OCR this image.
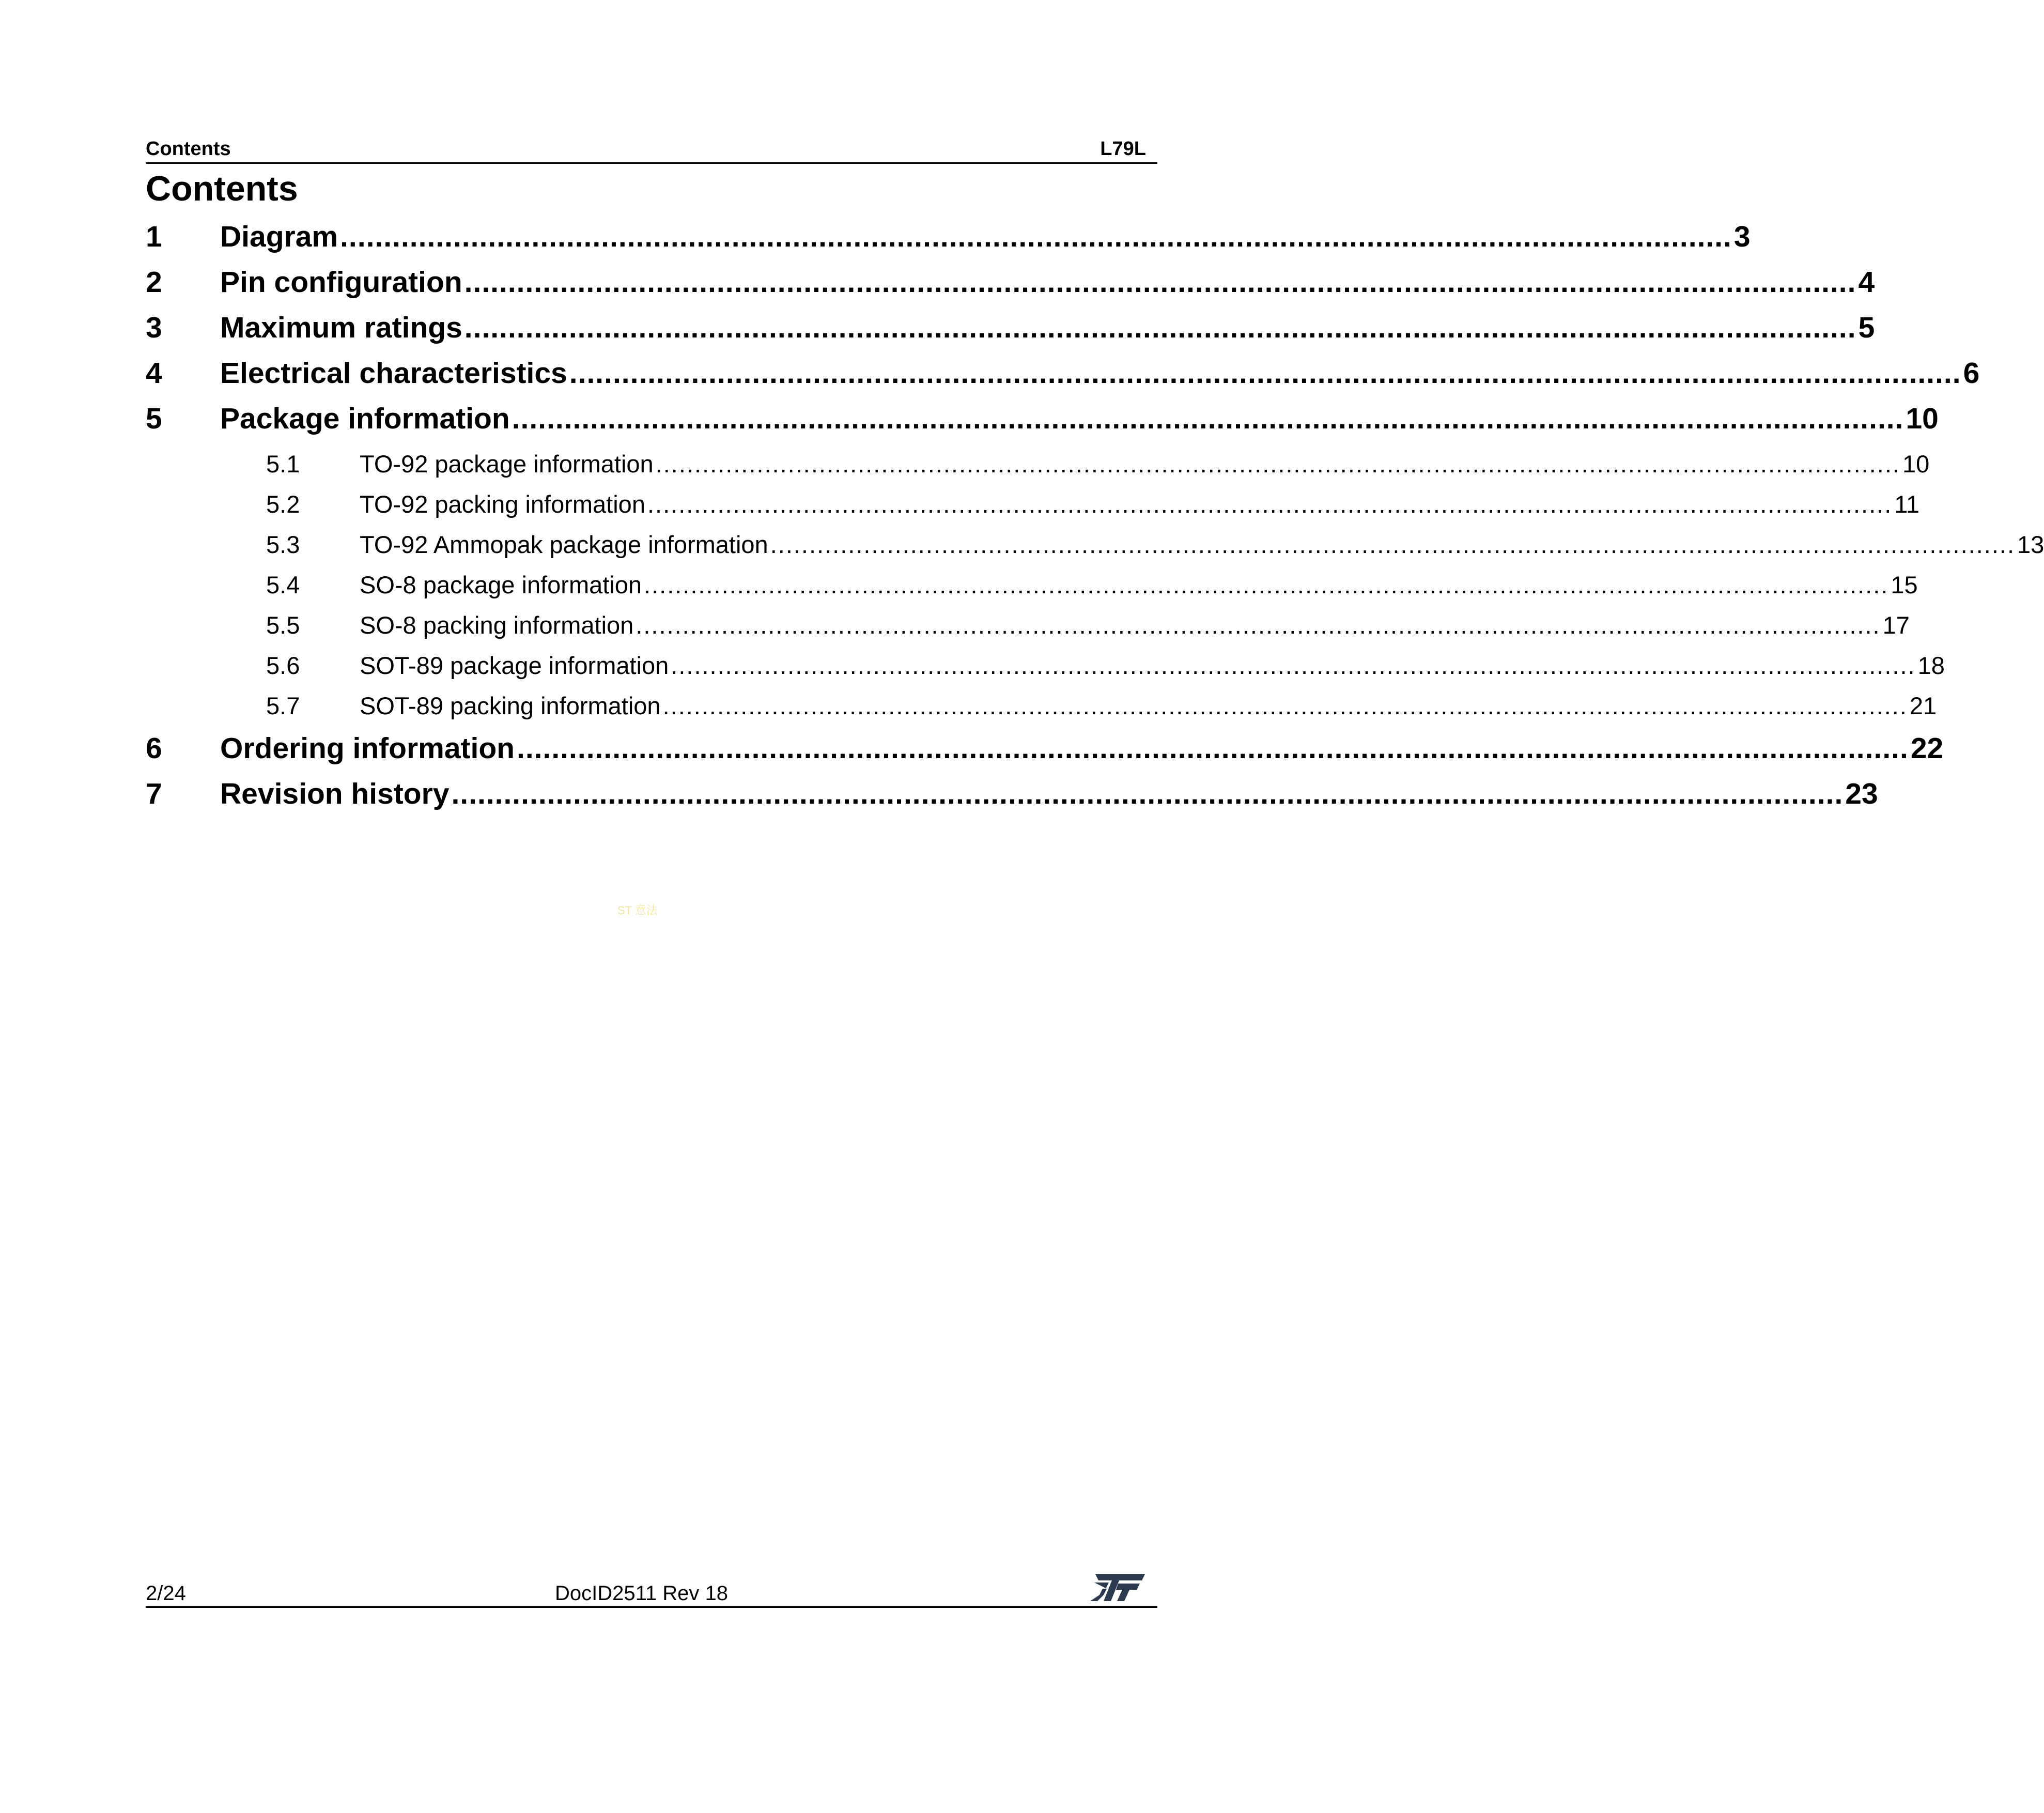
Contents	L79L
Contents
1	Diagram ................................................................................................................................................................ 3
2	Pin configuration ................................................................................................................................................................ 4
3	Maximum ratings ................................................................................................................................................................ 5
4	Electrical characteristics ................................................................................................................................................................ 6
5	Package information ................................................................................................................................................................ 10
5.1	TO-92 package information ................................................................................................................................................................ 10
5.2	TO-92 packing information ................................................................................................................................................................ 11
5.3	TO-92 Ammopak package information ................................................................................................................................................................ 13
5.4	SO-8 package information ................................................................................................................................................................ 15
5.5	SO-8 packing information ................................................................................................................................................................ 17
5.6	SOT-89 package information ................................................................................................................................................................ 18
5.7	SOT-89 packing information ................................................................................................................................................................ 21
6	Ordering information ................................................................................................................................................................ 22
7	Revision history ................................................................................................................................................................ 23
ST 意法
2/24	DocID2511 Rev 18
